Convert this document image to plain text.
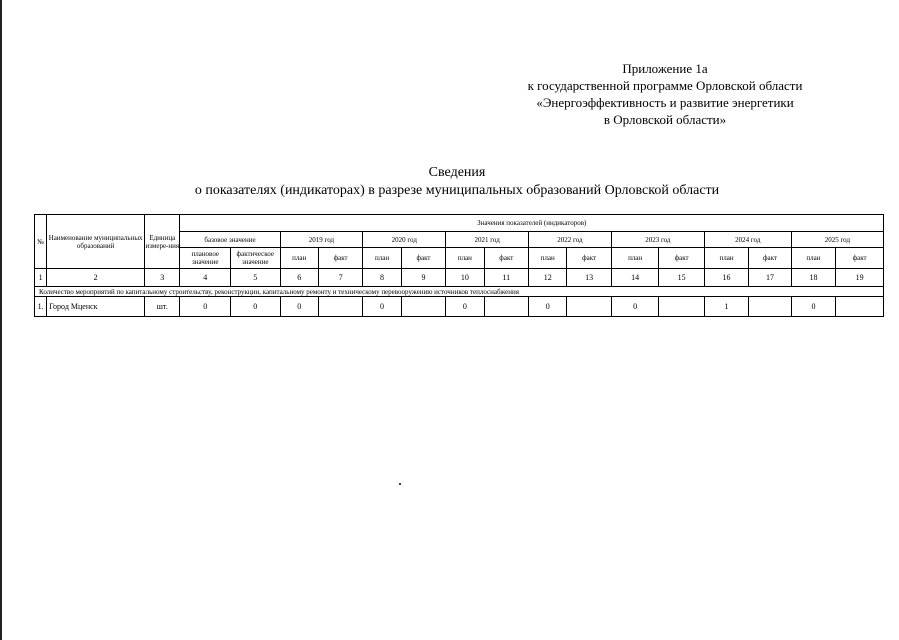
Приложение 1а
к государственной программе Орловской области
«Энергоэффективность и развитие энергетики
в Орловской области»
Сведения
о показателях (индикаторах) в разрезе муниципальных образований Орловской области
№	Наименование муниципальных образований	Единица измере-ния	Значения показателей (индикаторов)															
			базовое значение		2019 год		2020 год		2021 год		2022 год		2023 год		2024 год		2025 год	
			плановое значение	фактическое значение	план	факт	план	факт	план	факт	план	факт	план	факт	план	факт	план	факт
1	2	3	4	5	6	7	8	9	10	11	12	13	14	15	16	17	18	19
Количество мероприятий по капитальному строительству, реконструкции, капитальному ремонту и техническому перевооружению источников теплоснабжения																		
1.	Город Мценск	шт.	0	0	0		0		0		0		0		1		0	
